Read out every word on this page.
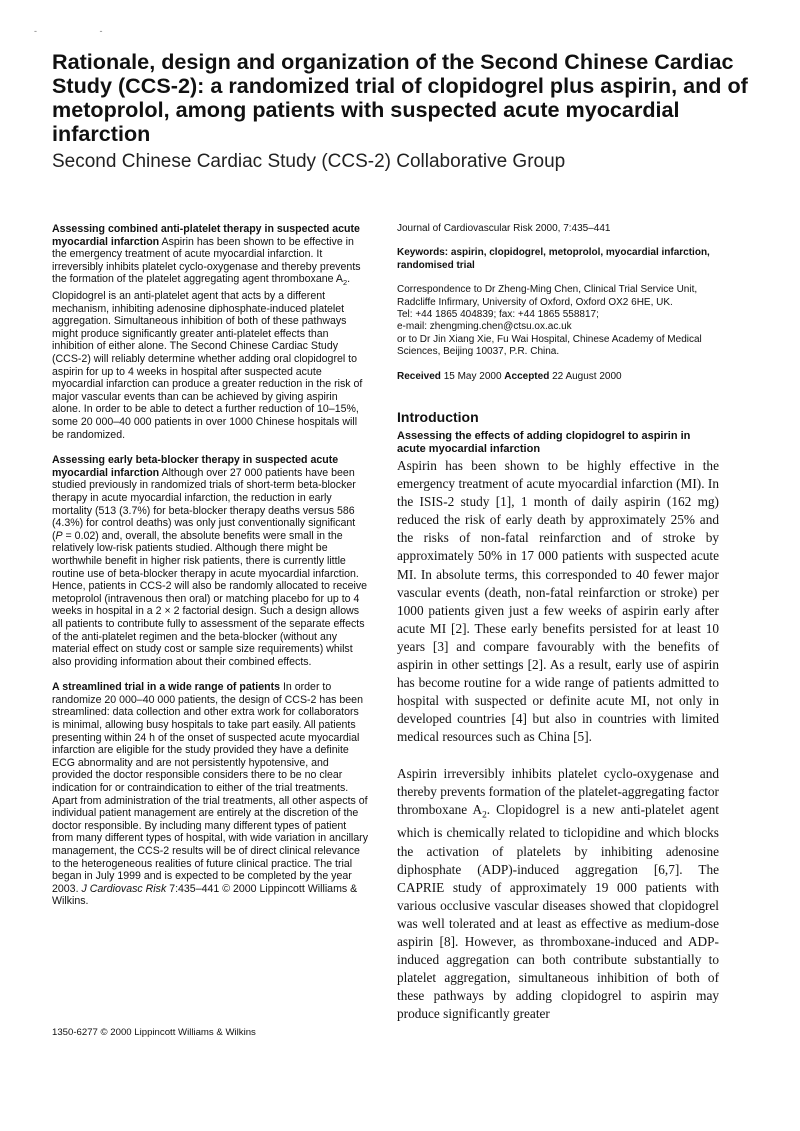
- -
Rationale, design and organization of the Second Chinese Cardiac Study (CCS-2): a randomized trial of clopidogrel plus aspirin, and of metoprolol, among patients with suspected acute myocardial infarction
Second Chinese Cardiac Study (CCS-2) Collaborative Group

Assessing combined anti-platelet therapy in suspected acute myocardial infarction Aspirin has been shown to be effective in the emergency treatment of acute myocardial infarction. It irreversibly inhibits platelet cyclo-oxygenase and thereby prevents the formation of the platelet aggregating agent thromboxane $A_2$. Clopidogrel is an anti-platelet agent that acts by a different mechanism, inhibiting adenosine diphosphate-induced platelet aggregation. Simultaneous inhibition of both of these pathways might produce significantly greater anti-platelet effects than inhibition of either alone. The Second Chinese Cardiac Study (CCS-2) will reliably determine whether adding oral clopidogrel to aspirin for up to 4 weeks in hospital after suspected acute myocardial infarction can produce a greater reduction in the risk of major vascular events than can be achieved by giving aspirin alone. In order to be able to detect a further reduction of 10–15%, some 20 000–40 000 patients in over 1000 Chinese hospitals will be randomized.

Assessing early beta-blocker therapy in suspected acute myocardial infarction Although over 27 000 patients have been studied previously in randomized trials of short-term beta-blocker therapy in acute myocardial infarction, the reduction in early mortality (513 (3.7%) for beta-blocker therapy deaths versus 586 (4.3%) for control deaths) was only just conventionally significant (P = 0.02) and, overall, the absolute benefits were small in the relatively low-risk patients studied. Although there might be worthwhile benefit in higher risk patients, there is currently little routine use of beta-blocker therapy in acute myocardial infarction. Hence, patients in CCS-2 will also be randomly allocated to receive metoprolol (intravenous then oral) or matching placebo for up to 4 weeks in hospital in a 2 × 2 factorial design. Such a design allows all patients to contribute fully to assessment of the separate effects of the anti-platelet regimen and the beta-blocker (without any material effect on study cost or sample size requirements) whilst also providing information about their combined effects.

A streamlined trial in a wide range of patients In order to randomize 20 000–40 000 patients, the design of CCS-2 has been streamlined: data collection and other extra work for collaborators is minimal, allowing busy hospitals to take part easily. All patients presenting within 24 h of the onset of suspected acute myocardial infarction are eligible for the study provided they have a definite ECG abnormality and are not persistently hypotensive, and provided the doctor responsible considers there to be no clear indication for or contraindication to either of the trial treatments. Apart from administration of the trial treatments, all other aspects of individual patient management are entirely at the discretion of the doctor responsible. By including many different types of patient from many different types of hospital, with wide variation in ancillary management, the CCS-2 results will be of direct clinical relevance to the heterogeneous realities of future clinical practice. The trial began in July 1999 and is expected to be completed by the year 2003. J Cardiovasc Risk 7:435–441 © 2000 Lippincott Williams & Wilkins.

Journal of Cardiovascular Risk 2000, 7:435–441
Keywords: aspirin, clopidogrel, metoprolol, myocardial infarction, randomised trial
Correspondence to Dr Zheng-Ming Chen, Clinical Trial Service Unit, Radcliffe Infirmary, University of Oxford, Oxford OX2 6HE, UK.
Tel: +44 1865 404839; fax: +44 1865 558817;
e-mail: zhengming.chen@ctsu.ox.ac.uk
or to Dr Jin Xiang Xie, Fu Wai Hospital, Chinese Academy of Medical Sciences, Beijing 10037, P.R. China.
Received 15 May 2000 Accepted 22 August 2000
Introduction
Assessing the effects of adding clopidogrel to aspirin in acute myocardial infarction

Aspirin has been shown to be highly effective in the emergency treatment of acute myocardial infarction (MI). In the ISIS-2 study [1], 1 month of daily aspirin (162 mg) reduced the risk of early death by approximately 25% and the risks of non-fatal reinfarction and of stroke by approximately 50% in 17 000 patients with suspected acute MI. In absolute terms, this corresponded to 40 fewer major vascular events (death, non-fatal reinfarction or stroke) per 1000 patients given just a few weeks of aspirin early after acute MI [2]. These early benefits persisted for at least 10 years [3] and compare favourably with the benefits of aspirin in other settings [2]. As a result, early use of aspirin has become routine for a wide range of patients admitted to hospital with suspected or definite acute MI, not only in developed countries [4] but also in countries with limited medical resources such as China [5].

Aspirin irreversibly inhibits platelet cyclo-oxygenase and thereby prevents formation of the platelet-aggregating factor thromboxane $A_2$. Clopidogrel is a new anti-platelet agent which is chemically related to ticlopidine and which blocks the activation of platelets by inhibiting adenosine diphosphate (ADP)-induced aggregation [6,7]. The CAPRIE study of approximately 19 000 patients with various occlusive vascular diseases showed that clopidogrel was well tolerated and at least as effective as medium-dose aspirin [8]. However, as thromboxane-induced and ADP-induced aggregation can both contribute substantially to platelet aggregation, simultaneous inhibition of both of these pathways by adding clopidogrel to aspirin may produce significantly greater

1350-6277 © 2000 Lippincott Williams & Wilkins
